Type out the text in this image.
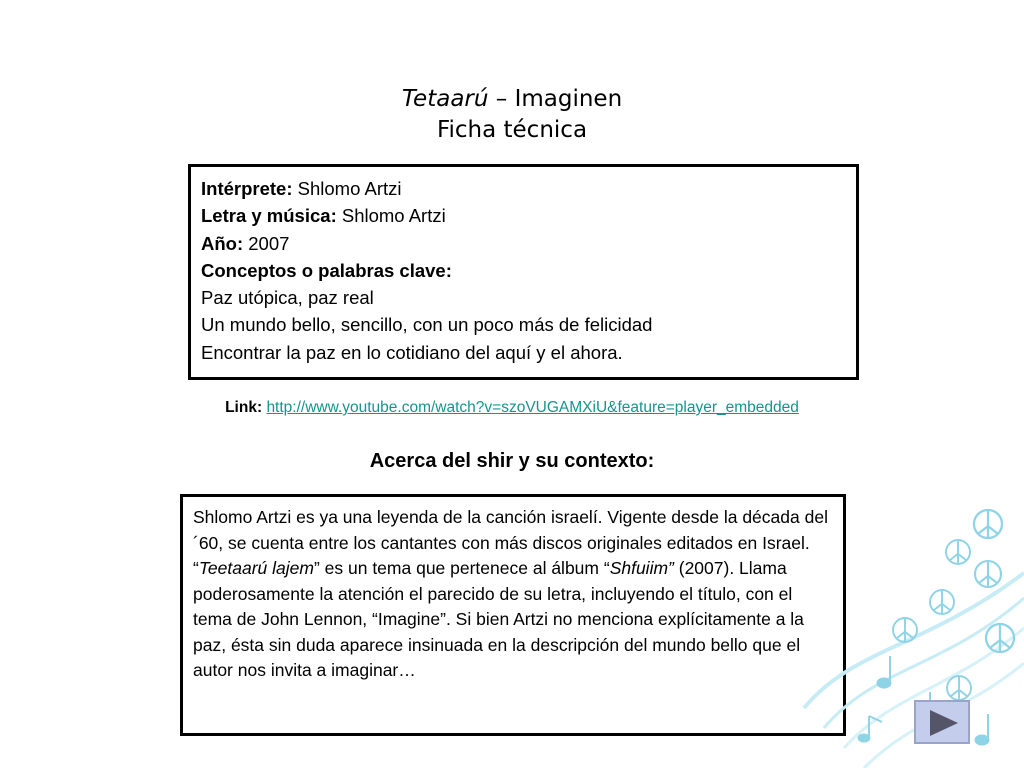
Tetaarú – Imaginen
Ficha técnica
Intérprete: Shlomo Artzi
Letra y música: Shlomo Artzi
Año: 2007
Conceptos o palabras clave:
Paz utópica, paz real
Un mundo bello, sencillo, con un poco más de felicidad
Encontrar la paz en lo cotidiano del aquí y el ahora.
Link: http://www.youtube.com/watch?v=szoVUGAMXiU&feature=player_embedded
Acerca del shir y su contexto:
Shlomo Artzi es ya una leyenda de la canción israelí. Vigente desde la década del ´60, se cuenta entre los cantantes con más discos originales editados en Israel.
“Teetaarú lajem” es un tema que pertenece al álbum “Shfuiim” (2007). Llama poderosamente la atención el parecido de su letra, incluyendo el título, con el tema de John Lennon, “Imagine”. Si bien Artzi no menciona explícitamente a la paz, ésta sin duda aparece insinuada en la descripción del mundo bello que el autor nos invita a imaginar…
